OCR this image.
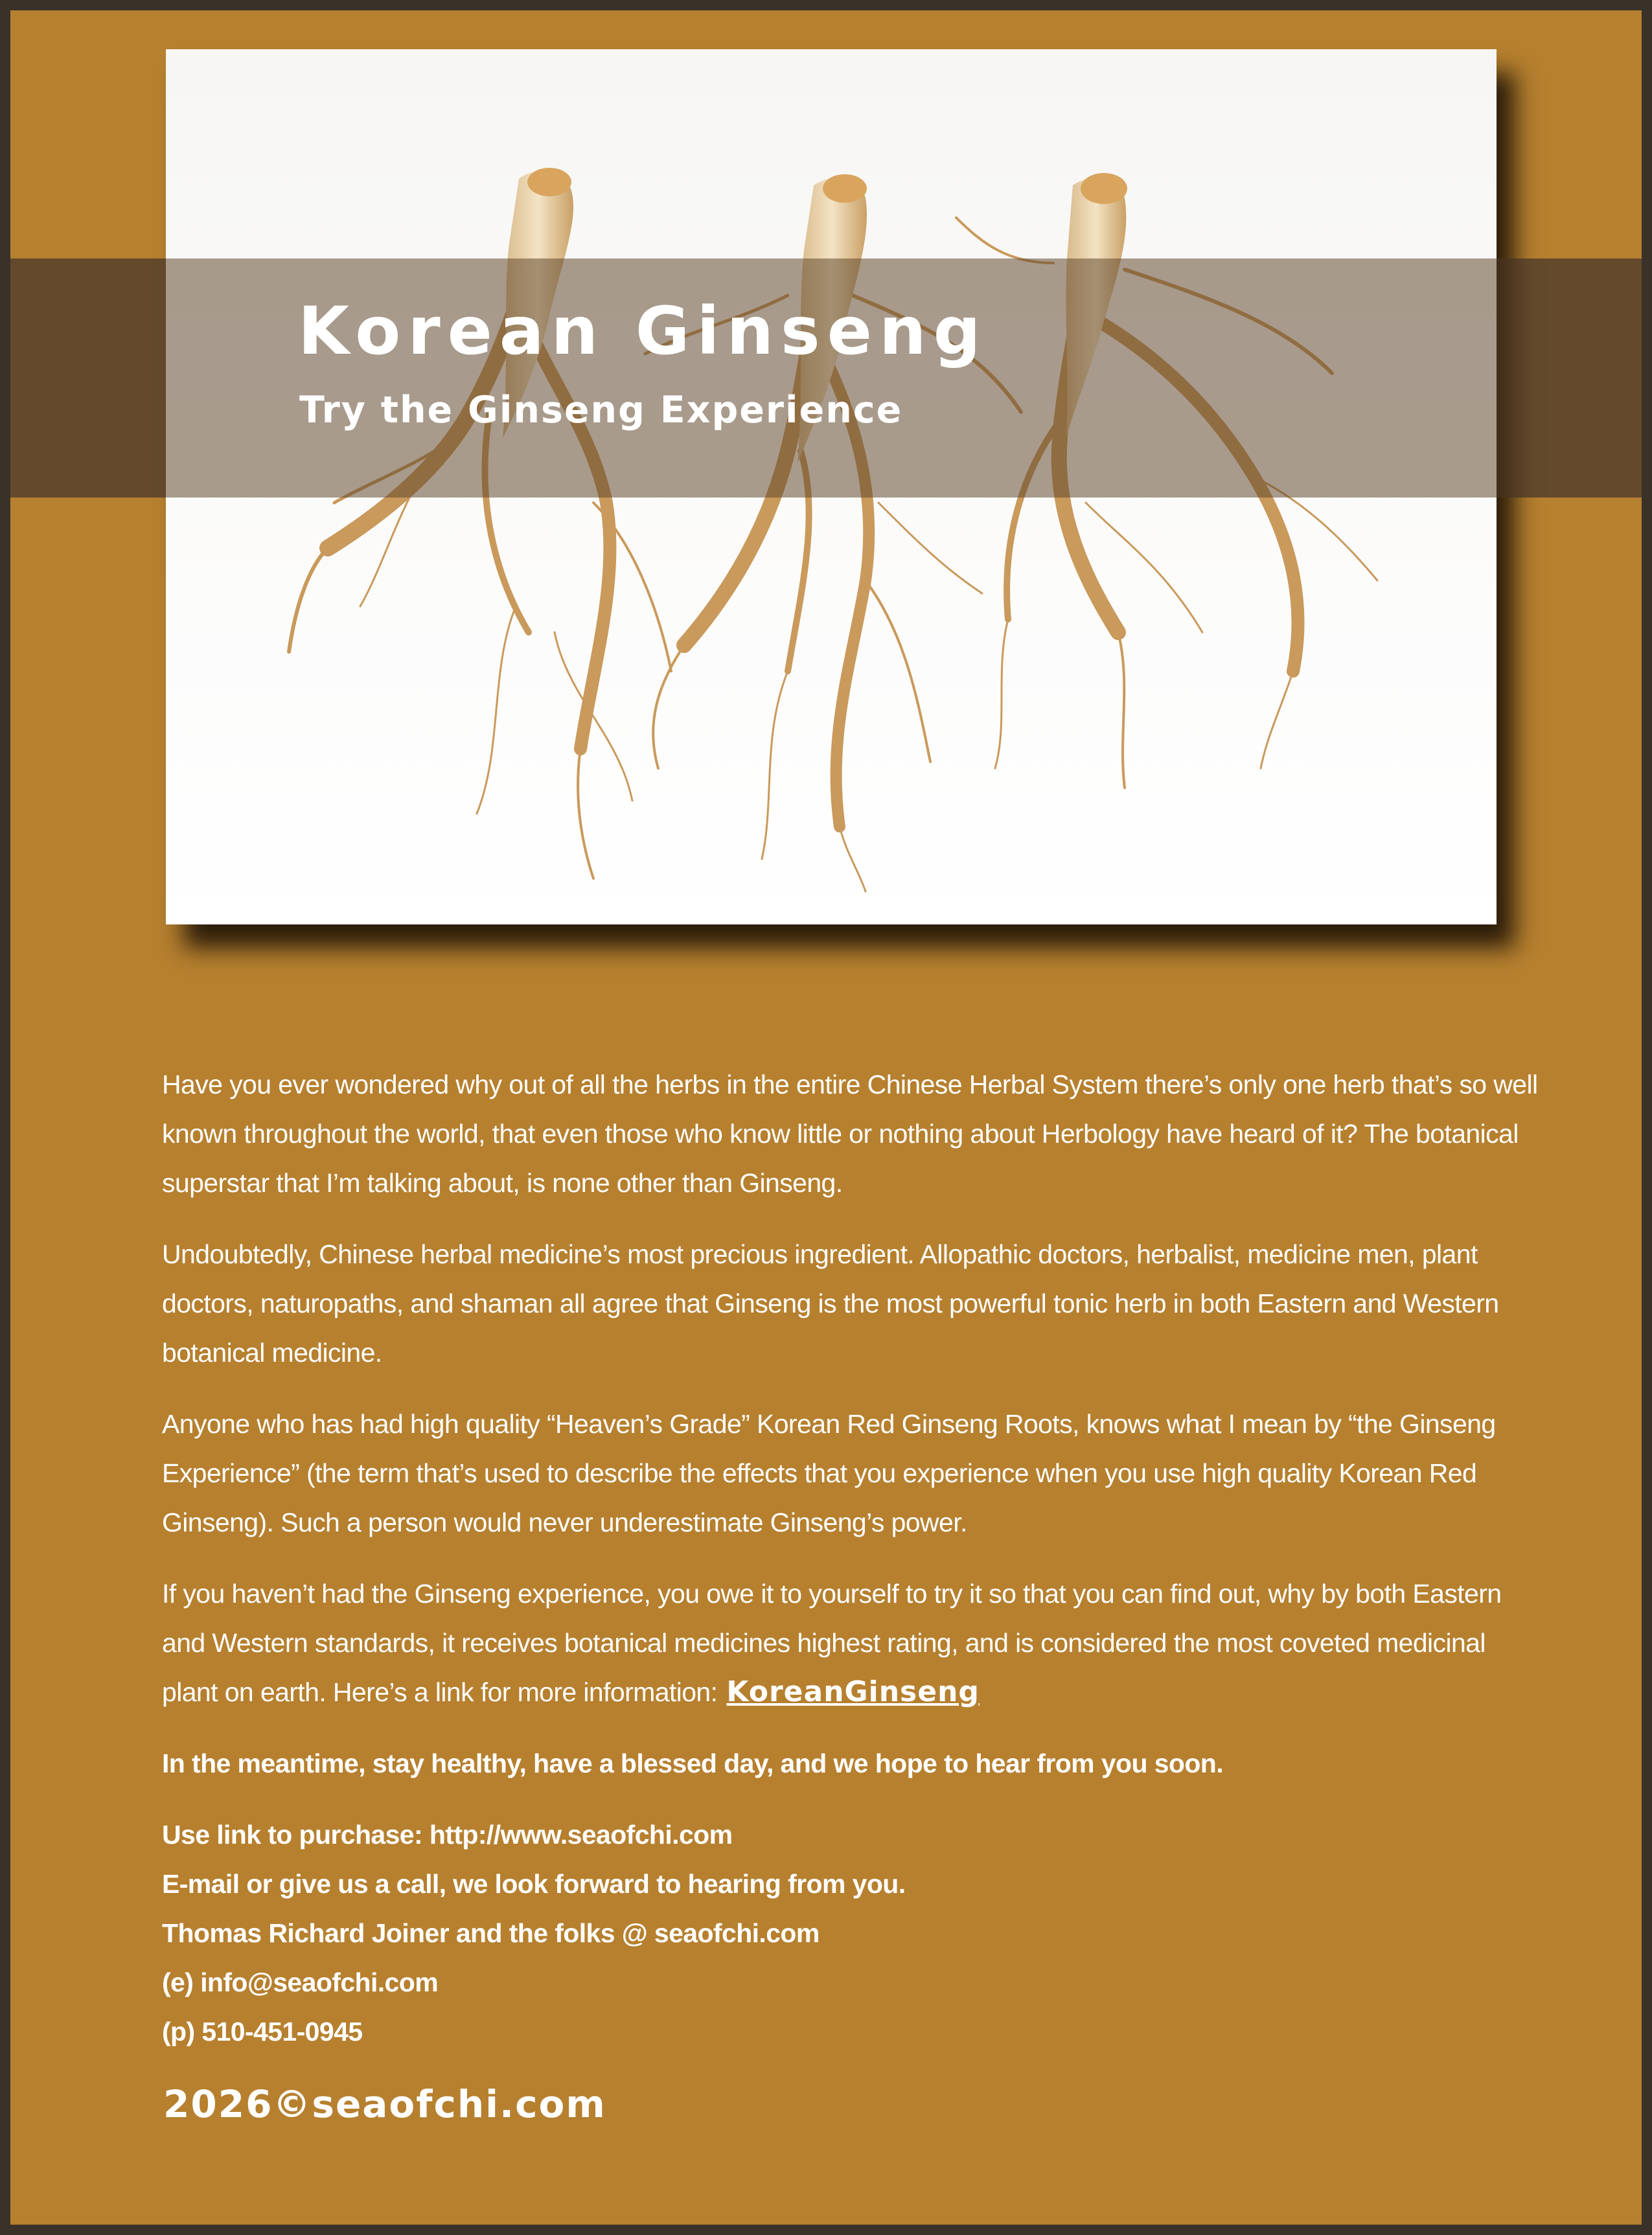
Korean Ginseng
Try the Ginseng Experience

Have you ever wondered why out of all the herbs in the entire Chinese Herbal System there’s only one herb that’s so well known throughout the world, that even those who know little or nothing about Herbology have heard of it? The botanical superstar that I’m talking about, is none other than Ginseng.

Undoubtedly, Chinese herbal medicine’s most precious ingredient. Allopathic doctors, herbalist, medicine men, plant doctors, naturopaths, and shaman all agree that Ginseng is the most powerful tonic herb in both Eastern and Western botanical medicine.

Anyone who has had high quality “Heaven’s Grade” Korean Red Ginseng Roots, knows what I mean by “the Ginseng Experience” (the term that’s used to describe the effects that you experience when you use high quality Korean Red Ginseng). Such a person would never underestimate Ginseng’s power.

If you haven’t had the Ginseng experience, you owe it to yourself to try it so that you can find out, why by both Eastern and Western standards, it receives botanical medicines highest rating, and is considered the most coveted medicinal plant on earth. Here’s a link for more information: KoreanGinseng

In the meantime, stay healthy, have a blessed day, and we hope to hear from you soon.

Use link to purchase: http://www.seaofchi.com
E-mail or give us a call, we look forward to hearing from you.
Thomas Richard Joiner and the folks @ seaofchi.com
(e) info@seaofchi.com
(p) 510-451-0945
2026©seaofchi.com
